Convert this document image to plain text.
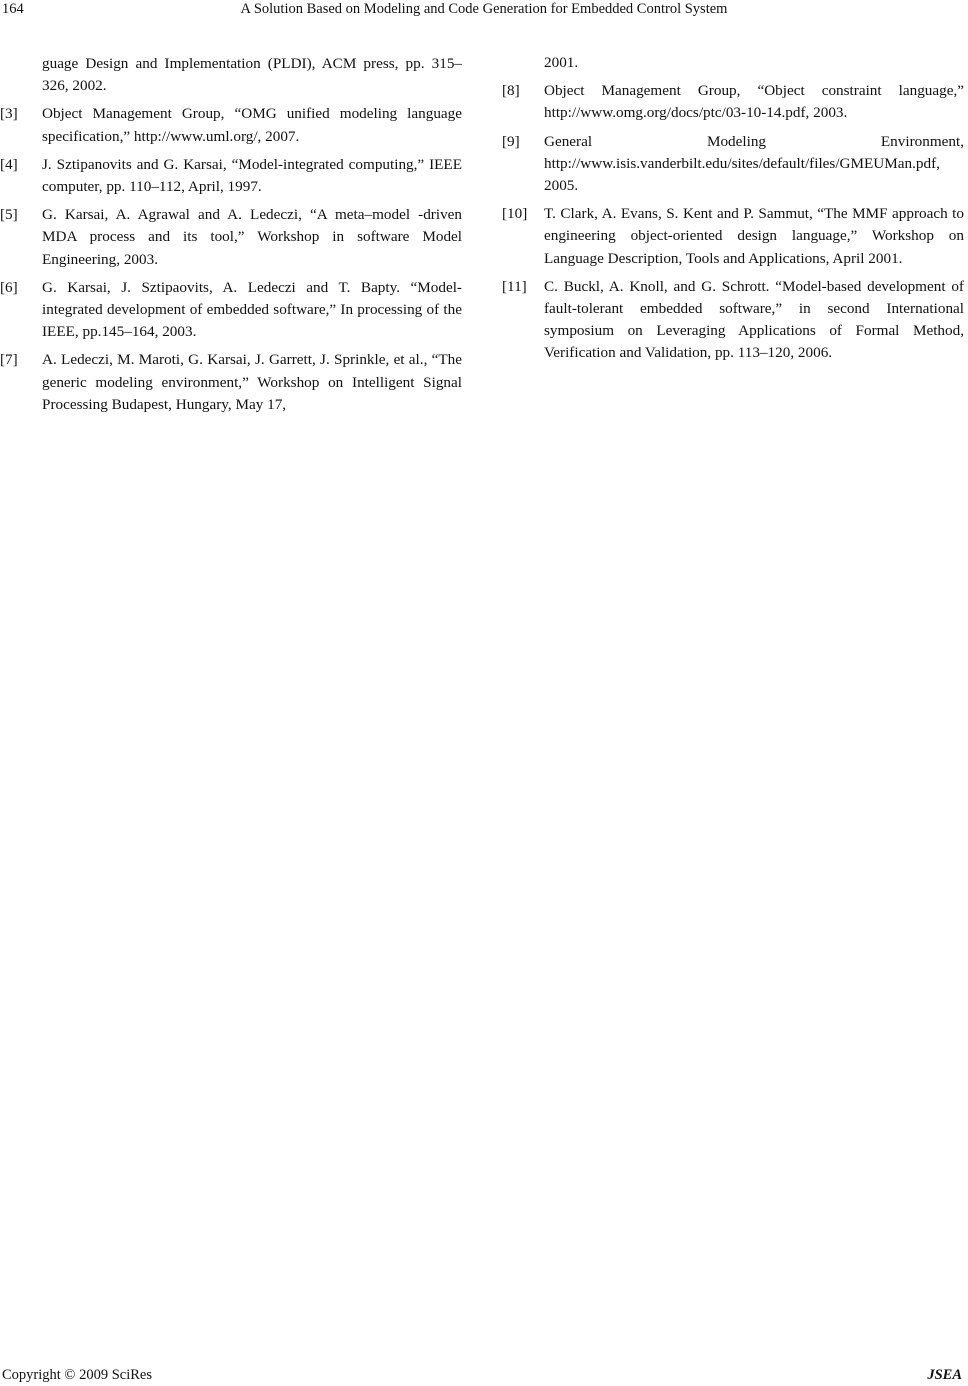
164	A Solution Based on Modeling and Code Generation for Embedded Control System
guage Design and Implementation (PLDI), ACM press, pp. 315–326, 2002.
[3] Object Management Group, “OMG unified modeling language specification,” http://www.uml.org/, 2007.
[4] J. Sztipanovits and G. Karsai, “Model-integrated computing,” IEEE computer, pp. 110–112, April, 1997.
[5] G. Karsai, A. Agrawal and A. Ledeczi, “A meta–model -driven MDA process and its tool,” Workshop in software Model Engineering, 2003.
[6] G. Karsai, J. Sztipaovits, A. Ledeczi and T. Bapty. “Model-integrated development of embedded software,” In processing of the IEEE, pp.145–164, 2003.
[7] A. Ledeczi, M. Maroti, G. Karsai, J. Garrett, J. Sprinkle, et al., “The generic modeling environment,” Workshop on Intelligent Signal Processing Budapest, Hungary, May 17,
2001.
[8] Object Management Group, “Object constraint language,” http://www.omg.org/docs/ptc/03-10-14.pdf, 2003.
[9] General Modeling Environment, http://www.isis.vanderbilt.edu/sites/default/files/GMEUMan.pdf, 2005.
[10] T. Clark, A. Evans, S. Kent and P. Sammut, “The MMF approach to engineering object-oriented design language,” Workshop on Language Description, Tools and Applications, April 2001.
[11] C. Buckl, A. Knoll, and G. Schrott. “Model-based development of fault-tolerant embedded software,” in second International symposium on Leveraging Applications of Formal Method, Verification and Validation, pp. 113–120, 2006.
Copyright © 2009 SciRes	JSEA
